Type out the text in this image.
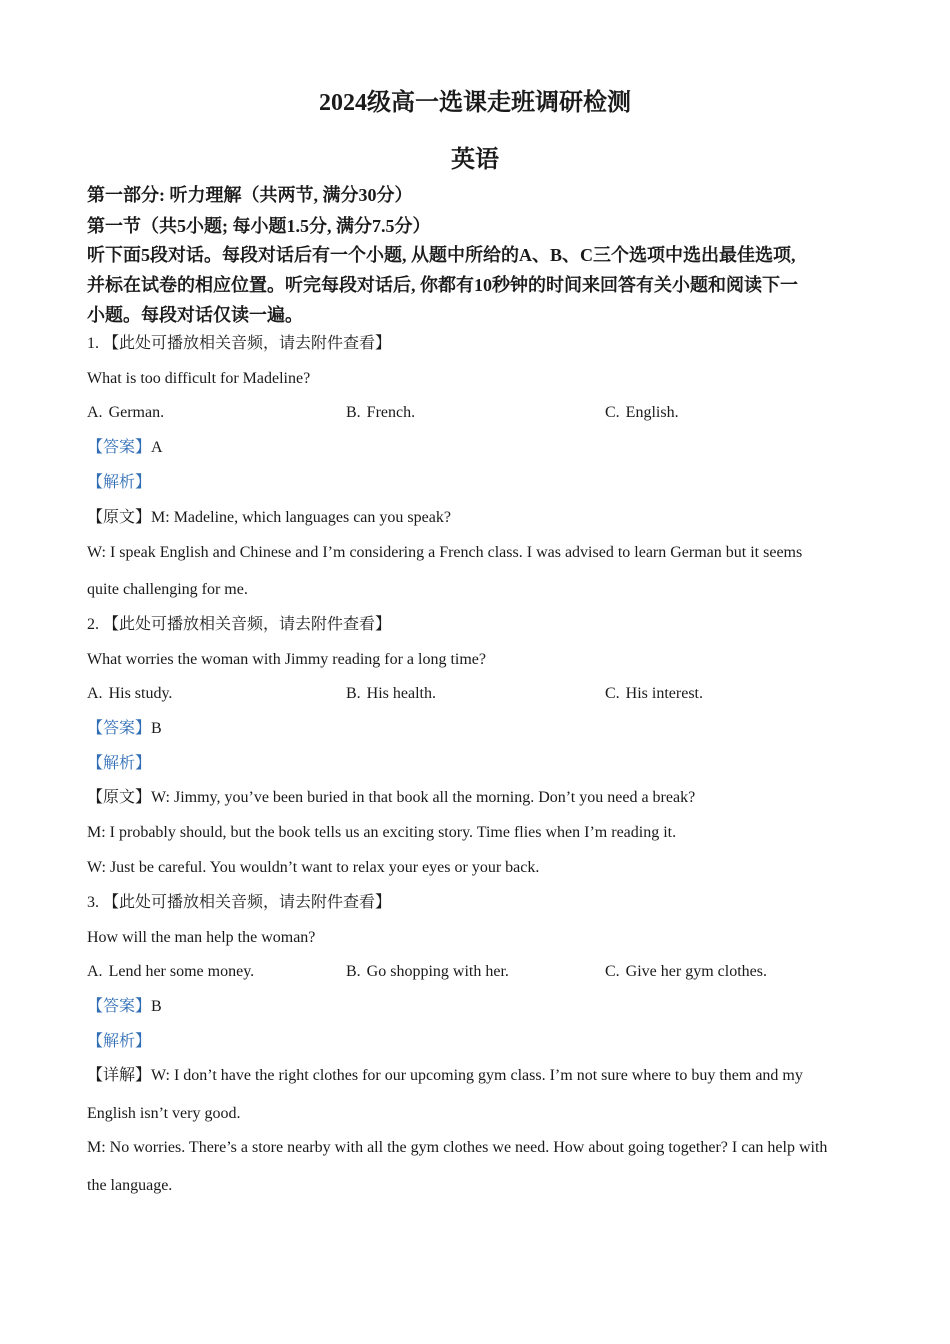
2024级高一选课走班调研检测
英语
第一部分: 听力理解（共两节, 满分30分）
第一节（共5小题; 每小题1.5分, 满分7.5分）
听下面5段对话。每段对话后有一个小题, 从题中所给的A、B、C三个选项中选出最佳选项,
并标在试卷的相应位置。听完每段对话后, 你都有10秒钟的时间来回答有关小题和阅读下一
小题。每段对话仅读一遍。
1. 【此处可播放相关音频，请去附件查看】
What is too difficult for Madeline?
A. German.	B. French.	C. English.
【答案】A
【解析】
【原文】M: Madeline, which languages can you speak?
W: I speak English and Chinese and I’m considering a French class. I was advised to learn German but it seems
quite challenging for me.
2. 【此处可播放相关音频，请去附件查看】
What worries the woman with Jimmy reading for a long time?
A. His study.	B. His health.	C. His interest.
【答案】B
【解析】
【原文】W: Jimmy, you’ve been buried in that book all the morning. Don’t you need a break?
M: I probably should, but the book tells us an exciting story. Time flies when I’m reading it.
W: Just be careful. You wouldn’t want to relax your eyes or your back.
3. 【此处可播放相关音频，请去附件查看】
How will the man help the woman?
A. Lend her some money.	B. Go shopping with her.	C. Give her gym clothes.
【答案】B
【解析】
【详解】W: I don’t have the right clothes for our upcoming gym class. I’m not sure where to buy them and my
English isn’t very good.
M: No worries. There’s a store nearby with all the gym clothes we need. How about going together? I can help with
the language.
